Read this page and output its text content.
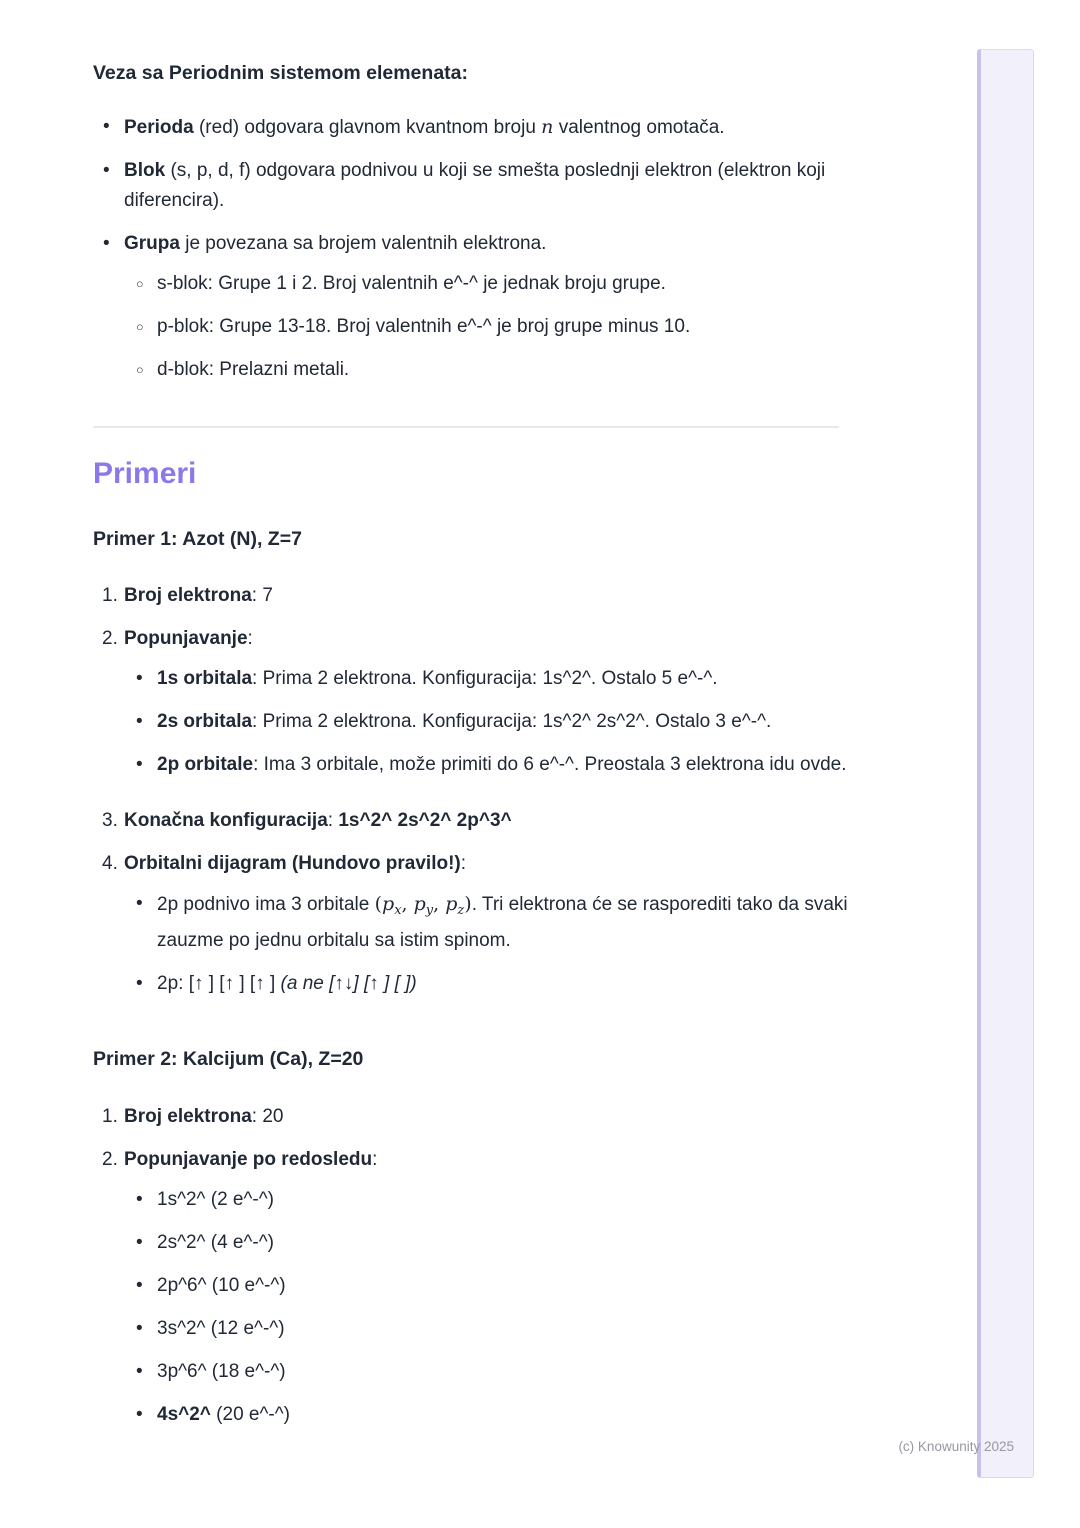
Veza sa Periodnim sistemom elemenata:
• Perioda (red) odgovara glavnom kvantnom broju n valentnog omotača.
• Blok (s, p, d, f) odgovara podnivou u koji se smešta poslednji elektron (elektron koji diferencira).
• Grupa je povezana sa brojem valentnih elektrona.
○ s-blok: Grupe 1 i 2. Broj valentnih e^-^ je jednak broju grupe.
○ p-blok: Grupe 13-18. Broj valentnih e^-^ je broj grupe minus 10.
○ d-blok: Prelazni metali.
Primeri
Primer 1: Azot (N), Z=7
1. Broj elektrona: 7
2. Popunjavanje:
• 1s orbitala: Prima 2 elektrona. Konfiguracija: 1s^2^. Ostalo 5 e^-^.
• 2s orbitala: Prima 2 elektrona. Konfiguracija: 1s^2^ 2s^2^. Ostalo 3 e^-^.
• 2p orbitale: Ima 3 orbitale, može primiti do 6 e^-^. Preostala 3 elektrona idu ovde.
3. Konačna konfiguracija: 1s^2^ 2s^2^ 2p^3^
4. Orbitalni dijagram (Hundovo pravilo!):
• 2p podnivo ima 3 orbitale ($p_x$, $p_y$, $p_z$). Tri elektrona će se rasporediti tako da svaki zauzme po jednu orbitalu sa istim spinom.
• 2p: [↑ ] [↑ ] [↑ ] (a ne [↑↓] [↑ ] [ ])
Primer 2: Kalcijum (Ca), Z=20
1. Broj elektrona: 20
2. Popunjavanje po redosledu:
• 1s^2^ (2 e^-^)
• 2s^2^ (4 e^-^)
• 2p^6^ (10 e^-^)
• 3s^2^ (12 e^-^)
• 3p^6^ (18 e^-^)
• 4s^2^ (20 e^-^)
(c) Knowunity 2025
